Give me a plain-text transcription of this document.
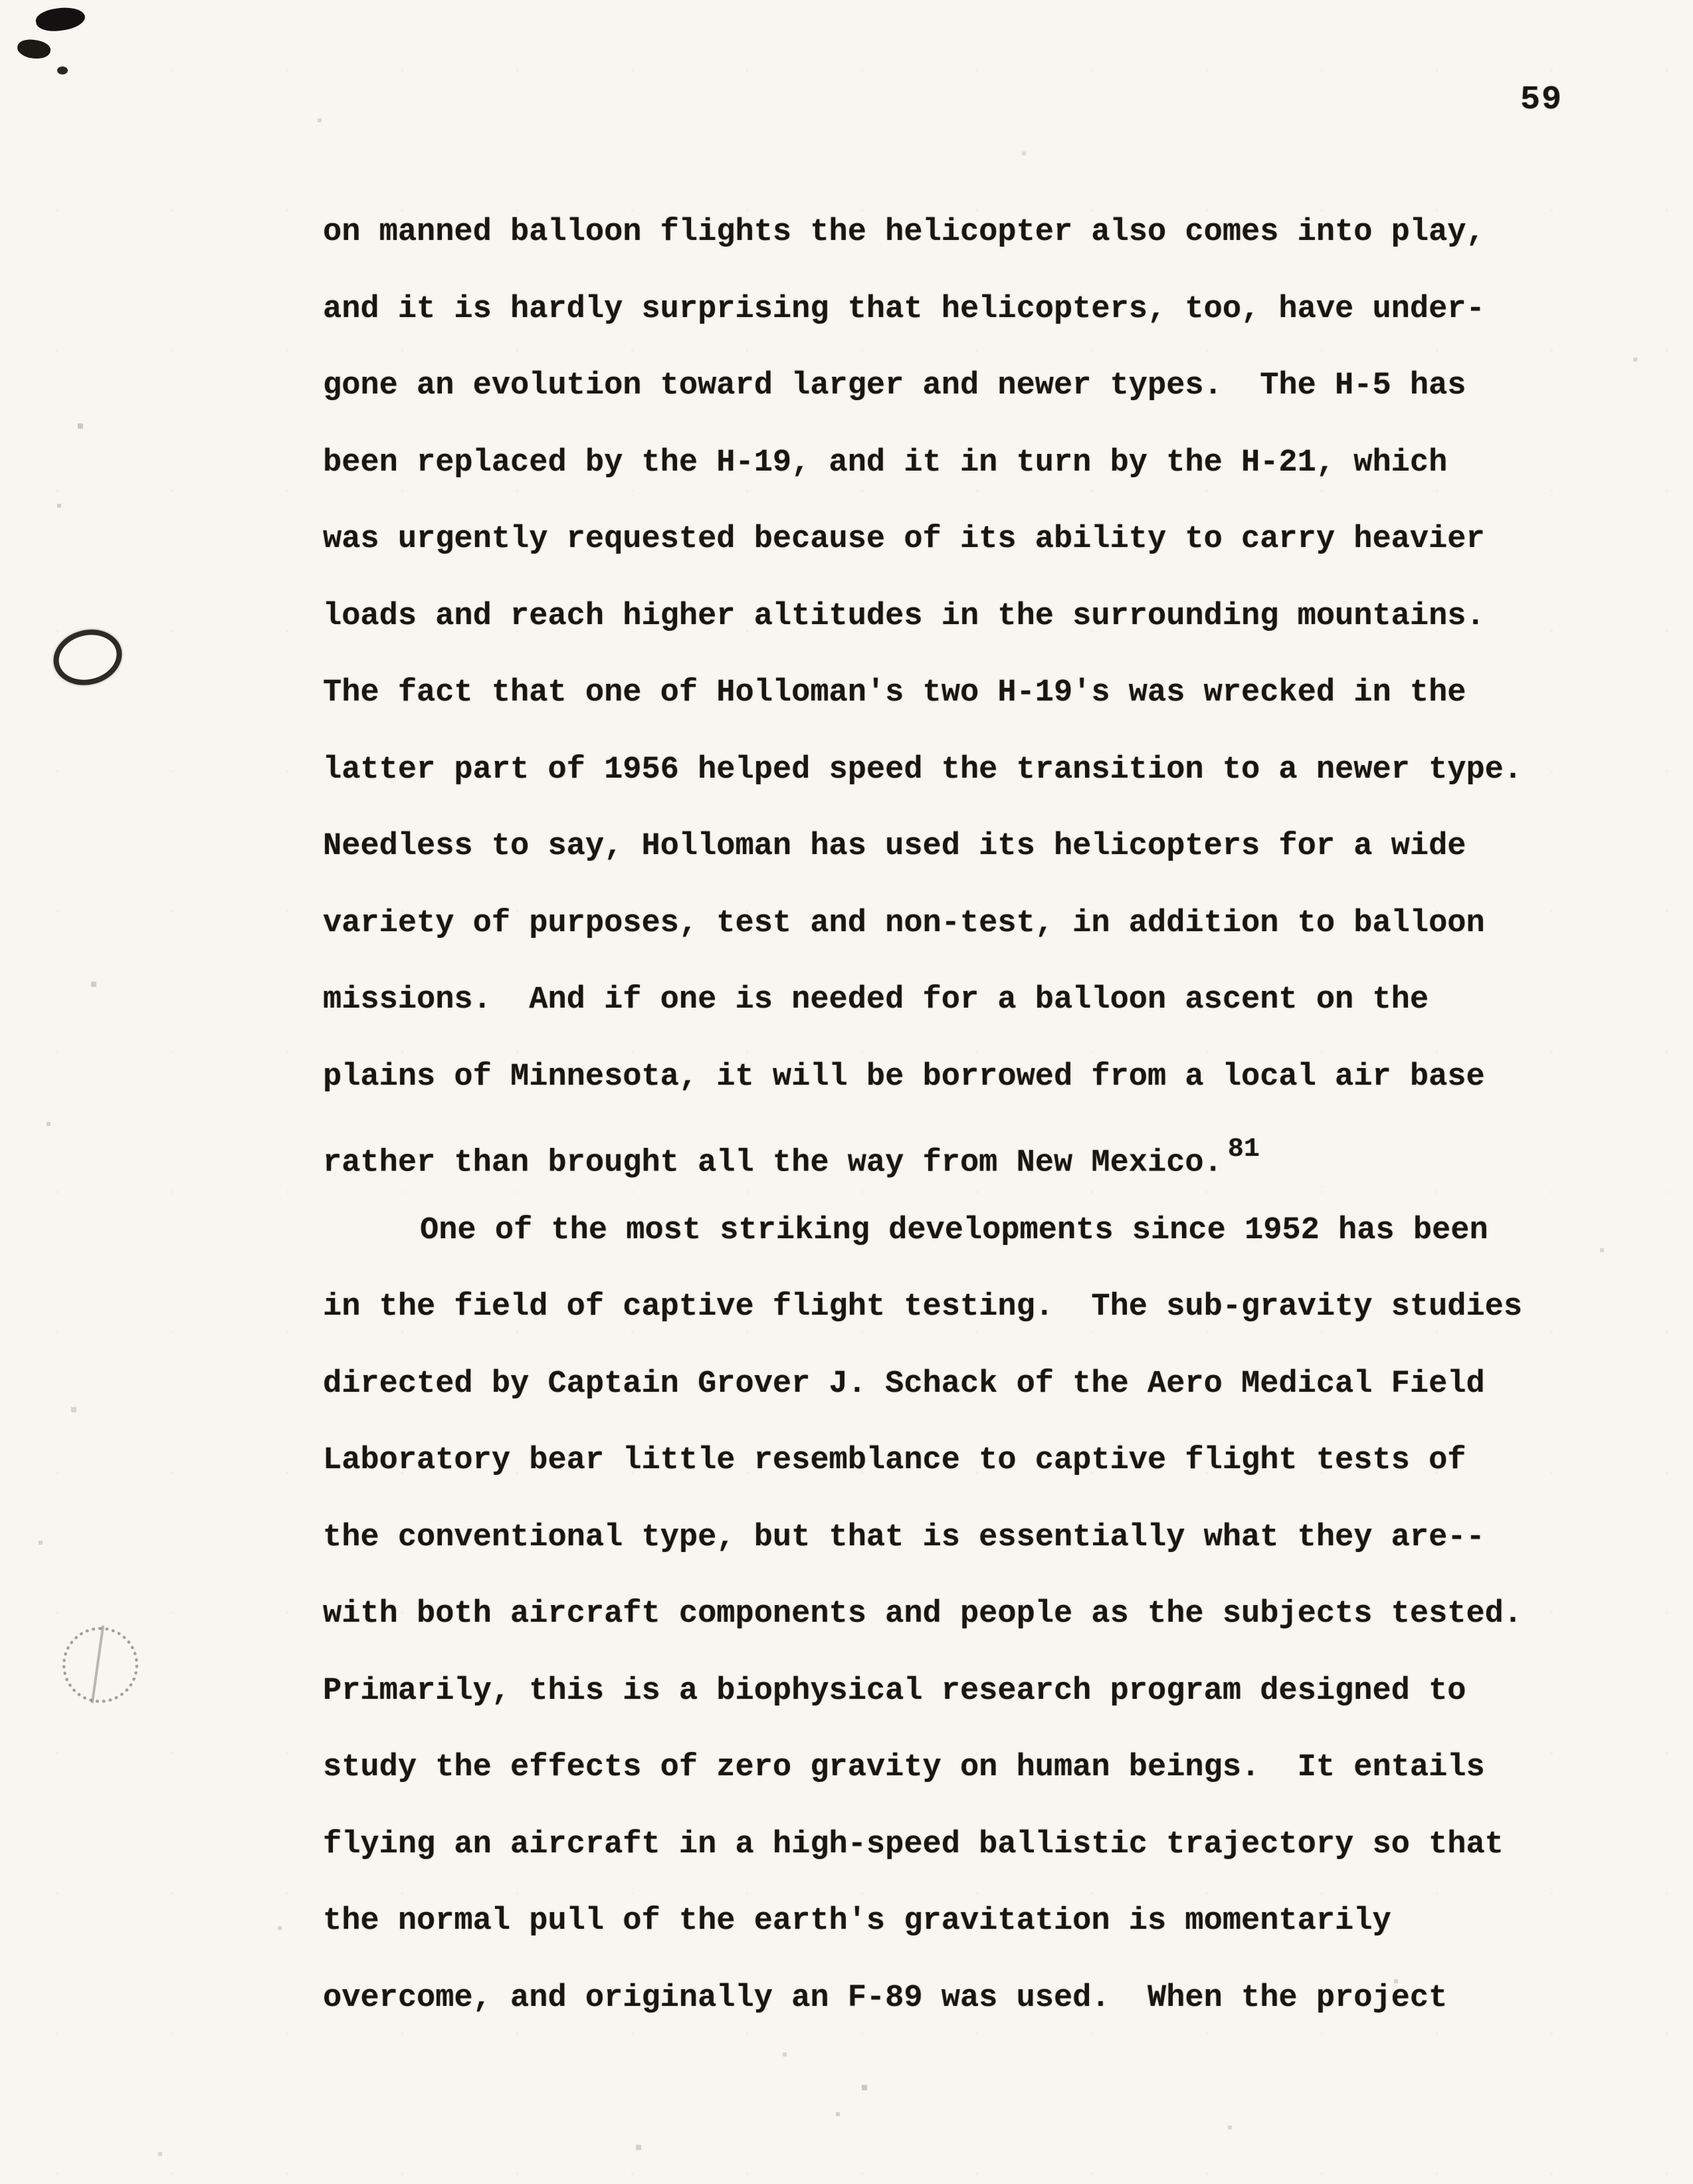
59
on manned balloon flights the helicopter also comes into play,
and it is hardly surprising that helicopters, too, have under-
gone an evolution toward larger and newer types.  The H-5 has
been replaced by the H-19, and it in turn by the H-21, which
was urgently requested because of its ability to carry heavier
loads and reach higher altitudes in the surrounding mountains.
The fact that one of Holloman's two H-19's was wrecked in the
latter part of 1956 helped speed the transition to a newer type.
Needless to say, Holloman has used its helicopters for a wide
variety of purposes, test and non-test, in addition to balloon
missions.  And if one is needed for a balloon ascent on the
plains of Minnesota, it will be borrowed from a local air base
rather than brought all the way from New Mexico. $^{81}$
One of the most striking developments since 1952 has been
in the field of captive flight testing.  The sub-gravity studies
directed by Captain Grover J. Schack of the Aero Medical Field
Laboratory bear little resemblance to captive flight tests of
the conventional type, but that is essentially what they are--
with both aircraft components and people as the subjects tested.
Primarily, this is a biophysical research program designed to
study the effects of zero gravity on human beings.  It entails
flying an aircraft in a high-speed ballistic trajectory so that
the normal pull of the earth's gravitation is momentarily
overcome, and originally an F-89 was used.  When the project
